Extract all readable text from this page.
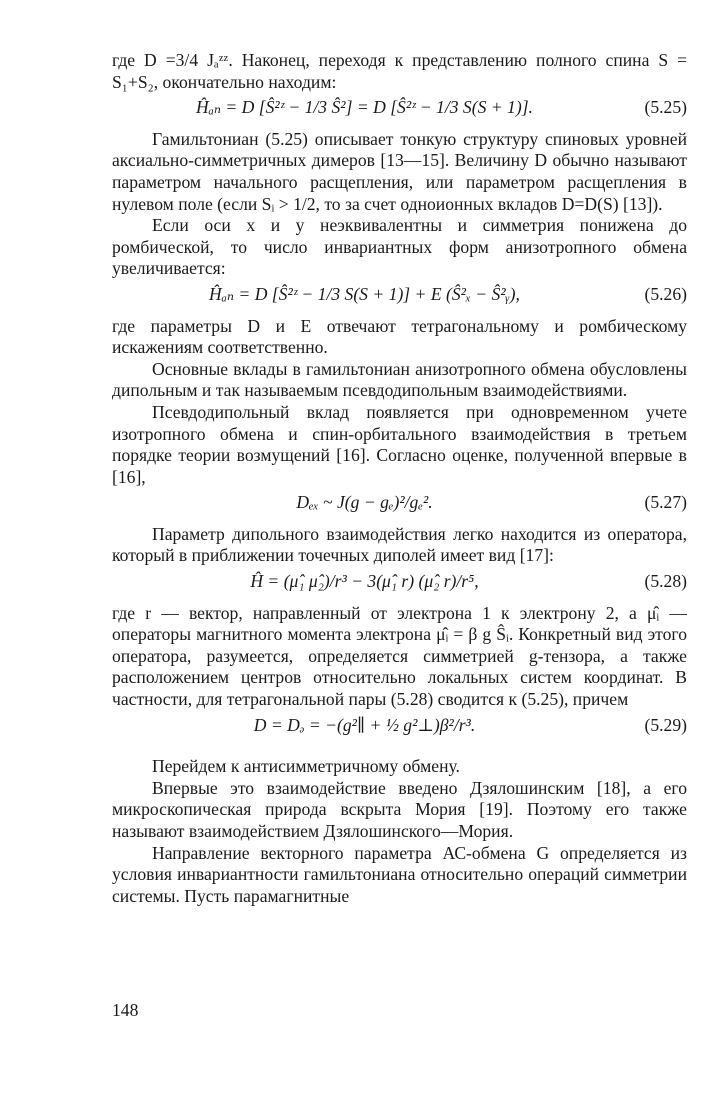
где D =3/4 Jₐᶻᶻ. Наконец, переходя к представлению полного спина S = S₁+S₂, окончательно находим:

Ĥₐₙ = D [Ŝ²ᶻ − 1/3 Ŝ²] = D [Ŝ²ᶻ − 1/3 S(S + 1)].	(5.25)

Гамильтониан (5.25) описывает тонкую структуру спиновых уровней аксиально-симметричных димеров [13—15]. Величину D обычно называют параметром начального расщепления, или параметром расщепления в нулевом поле (если Sᵢ > 1/2, то за счет одноионных вкладов D=D(S) [13]).

Если оси x и y неэквивалентны и симметрия понижена до ромбической, то число инвариантных форм анизотропного обмена увеличивается:

Ĥₐₙ = D [Ŝ²ᶻ − 1/3 S(S + 1)] + E (Ŝ²ₓ − Ŝ²ᵧ),	(5.26)

где параметры D и E отвечают тетрагональному и ромбическому искажениям соответственно.

Основные вклады в гамильтониан анизотропного обмена обусловлены дипольным и так называемым псевдодипольным взаимодействиями.

Псевдодипольный вклад появляется при одновременном учете изотропного обмена и спин-орбитального взаимодействия в третьем порядке теории возмущений [16]. Согласно оценке, полученной впервые в [16],

Dₑₓ ~ J(g − gₑ)²/gₑ².	(5.27)

Параметр дипольного взаимодействия легко находится из оператора, который в приближении точечных диполей имеет вид [17]:

Ĥ = (μ̂₁ μ̂₂)/r³ − 3(μ̂₁ r) (μ̂₂ r)/r⁵,	(5.28)

где r — вектор, направленный от электрона 1 к электрону 2, а μ̂ᵢ — операторы магнитного момента электрона μ̂ᵢ = β g Ŝᵢ. Конкретный вид этого оператора, разумеется, определяется симметрией g-тензора, а также расположением центров относительно локальных систем координат. В частности, для тетрагональной пары (5.28) сводится к (5.25), причем

D = Dₔ = −(g²∥ + ½ g²⊥)β²/r³.	(5.29)

Перейдем к антисимметричному обмену.

Впервые это взаимодействие введено Дзялошинским [18], а его микроскопическая природа вскрыта Мория [19]. Поэтому его также называют взаимодействием Дзялошинского—Мория.

Направление векторного параметра АС-обмена G определяется из условия инвариантности гамильтониана относительно операций симметрии системы. Пусть парамагнитные

148
